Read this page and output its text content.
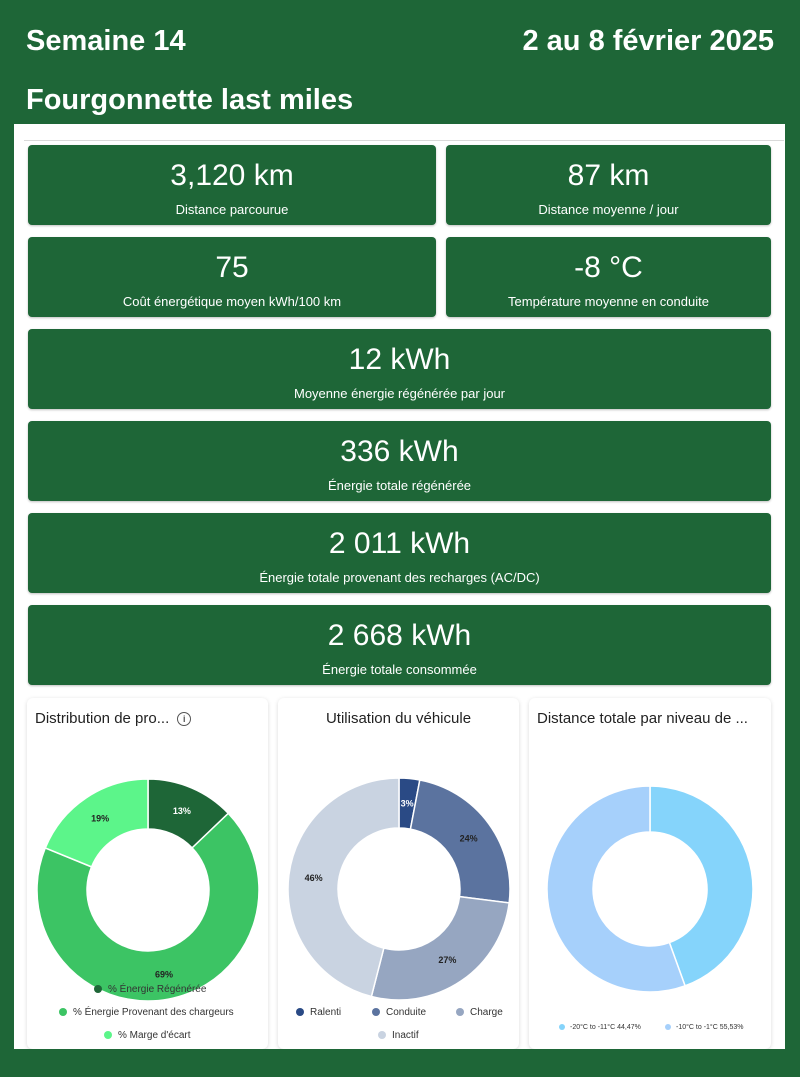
Semaine 14	2 au 8 février 2025
Fourgonnette last miles
3,120 km
Distance parcourue
87 km
Distance moyenne / jour
75
Coût énergétique moyen kWh/100 km
-8 °C
Température moyenne en conduite
12 kWh
Moyenne énergie régénérée par jour
336 kWh
Énergie totale régénérée
2 011 kWh
Énergie totale provenant des recharges (AC/DC)
2 668 kWh
Énergie totale consommée
Distribution de pro... i
13%
69%
19%
% Énergie Régénérée
% Énergie Provenant des chargeurs
% Marge d'écart
Utilisation du véhicule
3%
24%
27%
46%
Ralenti	Conduite	Charge
Inactif
Distance totale par niveau de ...
-20°C to -11°C 44,47%	-10°C to -1°C 55,53%
